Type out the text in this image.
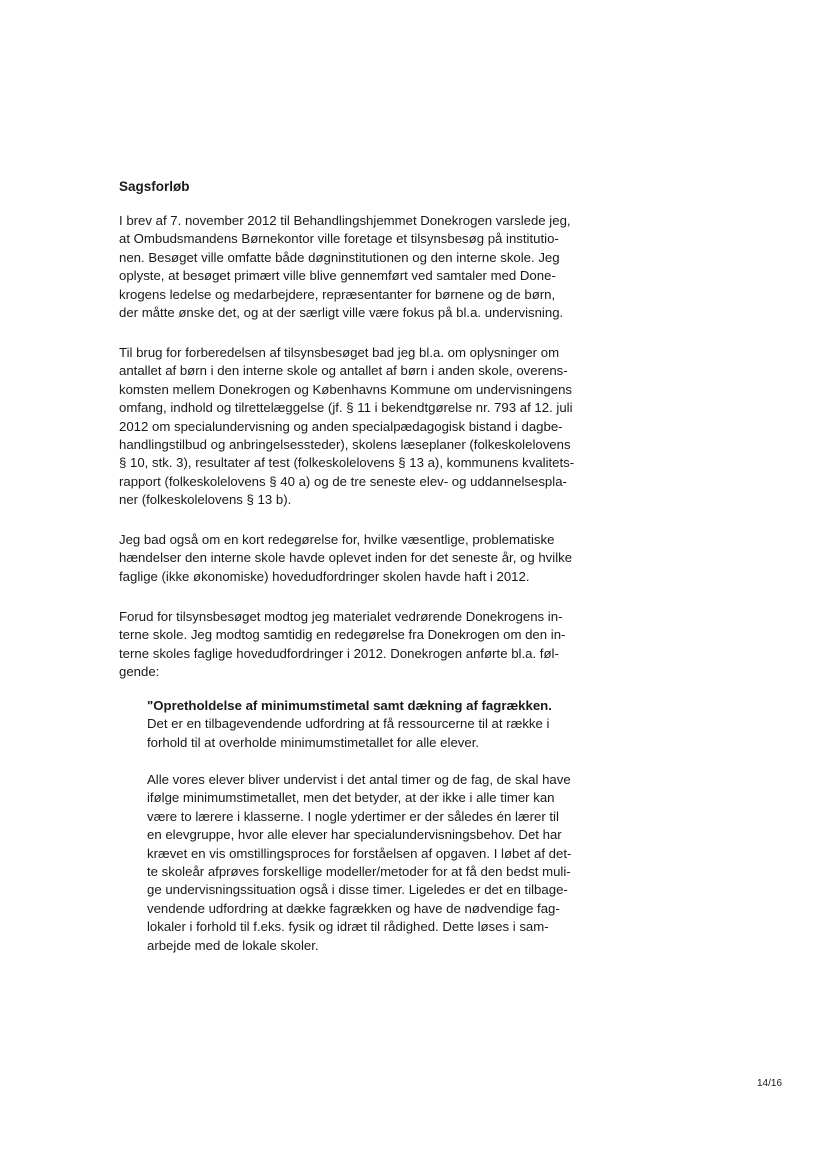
Sagsforløb

I brev af 7. november 2012 til Behandlingshjemmet Donekrogen varslede jeg,
at Ombudsmandens Børnekontor ville foretage et tilsynsbesøg på institutio-
nen. Besøget ville omfatte både døgninstitutionen og den interne skole. Jeg
oplyste, at besøget primært ville blive gennemført ved samtaler med Done-
krogens ledelse og medarbejdere, repræsentanter for børnene og de børn,
der måtte ønske det, og at der særligt ville være fokus på bl.a. undervisning.

Til brug for forberedelsen af tilsynsbesøget bad jeg bl.a. om oplysninger om
antallet af børn i den interne skole og antallet af børn i anden skole, overens-
komsten mellem Donekrogen og Københavns Kommune om undervisningens
omfang, indhold og tilrettelæggelse (jf. § 11 i bekendtgørelse nr. 793 af 12. juli
2012 om specialundervisning og anden specialpædagogisk bistand i dagbe-
handlingstilbud og anbringelsessteder), skolens læseplaner (folkeskolelovens
§ 10, stk. 3), resultater af test (folkeskolelovens § 13 a), kommunens kvalitets-
rapport (folkeskolelovens § 40 a) og de tre seneste elev- og uddannelsespla-
ner (folkeskolelovens § 13 b).

Jeg bad også om en kort redegørelse for, hvilke væsentlige, problematiske
hændelser den interne skole havde oplevet inden for det seneste år, og hvilke
faglige (ikke økonomiske) hovedudfordringer skolen havde haft i 2012.

Forud for tilsynsbesøget modtog jeg materialet vedrørende Donekrogens in-
terne skole. Jeg modtog samtidig en redegørelse fra Donekrogen om den in-
terne skoles faglige hovedudfordringer i 2012. Donekrogen anførte bl.a. føl-
gende:

"Opretholdelse af minimumstimetal samt dækning af fagrækken.
Det er en tilbagevendende udfordring at få ressourcerne til at række i
forhold til at overholde minimumstimetallet for alle elever.

Alle vores elever bliver undervist i det antal timer og de fag, de skal have
ifølge minimumstimetallet, men det betyder, at der ikke i alle timer kan
være to lærere i klasserne. I nogle ydertimer er der således én lærer til
en elevgruppe, hvor alle elever har specialundervisningsbehov. Det har
krævet en vis omstillingsproces for forståelsen af opgaven. I løbet af det-
te skoleår afprøves forskellige modeller/metoder for at få den bedst muli-
ge undervisningssituation også i disse timer. Ligeledes er det en tilbage-
vendende udfordring at dække fagrækken og have de nødvendige fag-
lokaler i forhold til f.eks. fysik og idræt til rådighed. Dette løses i sam-
arbejde med de lokale skoler.

14/16
